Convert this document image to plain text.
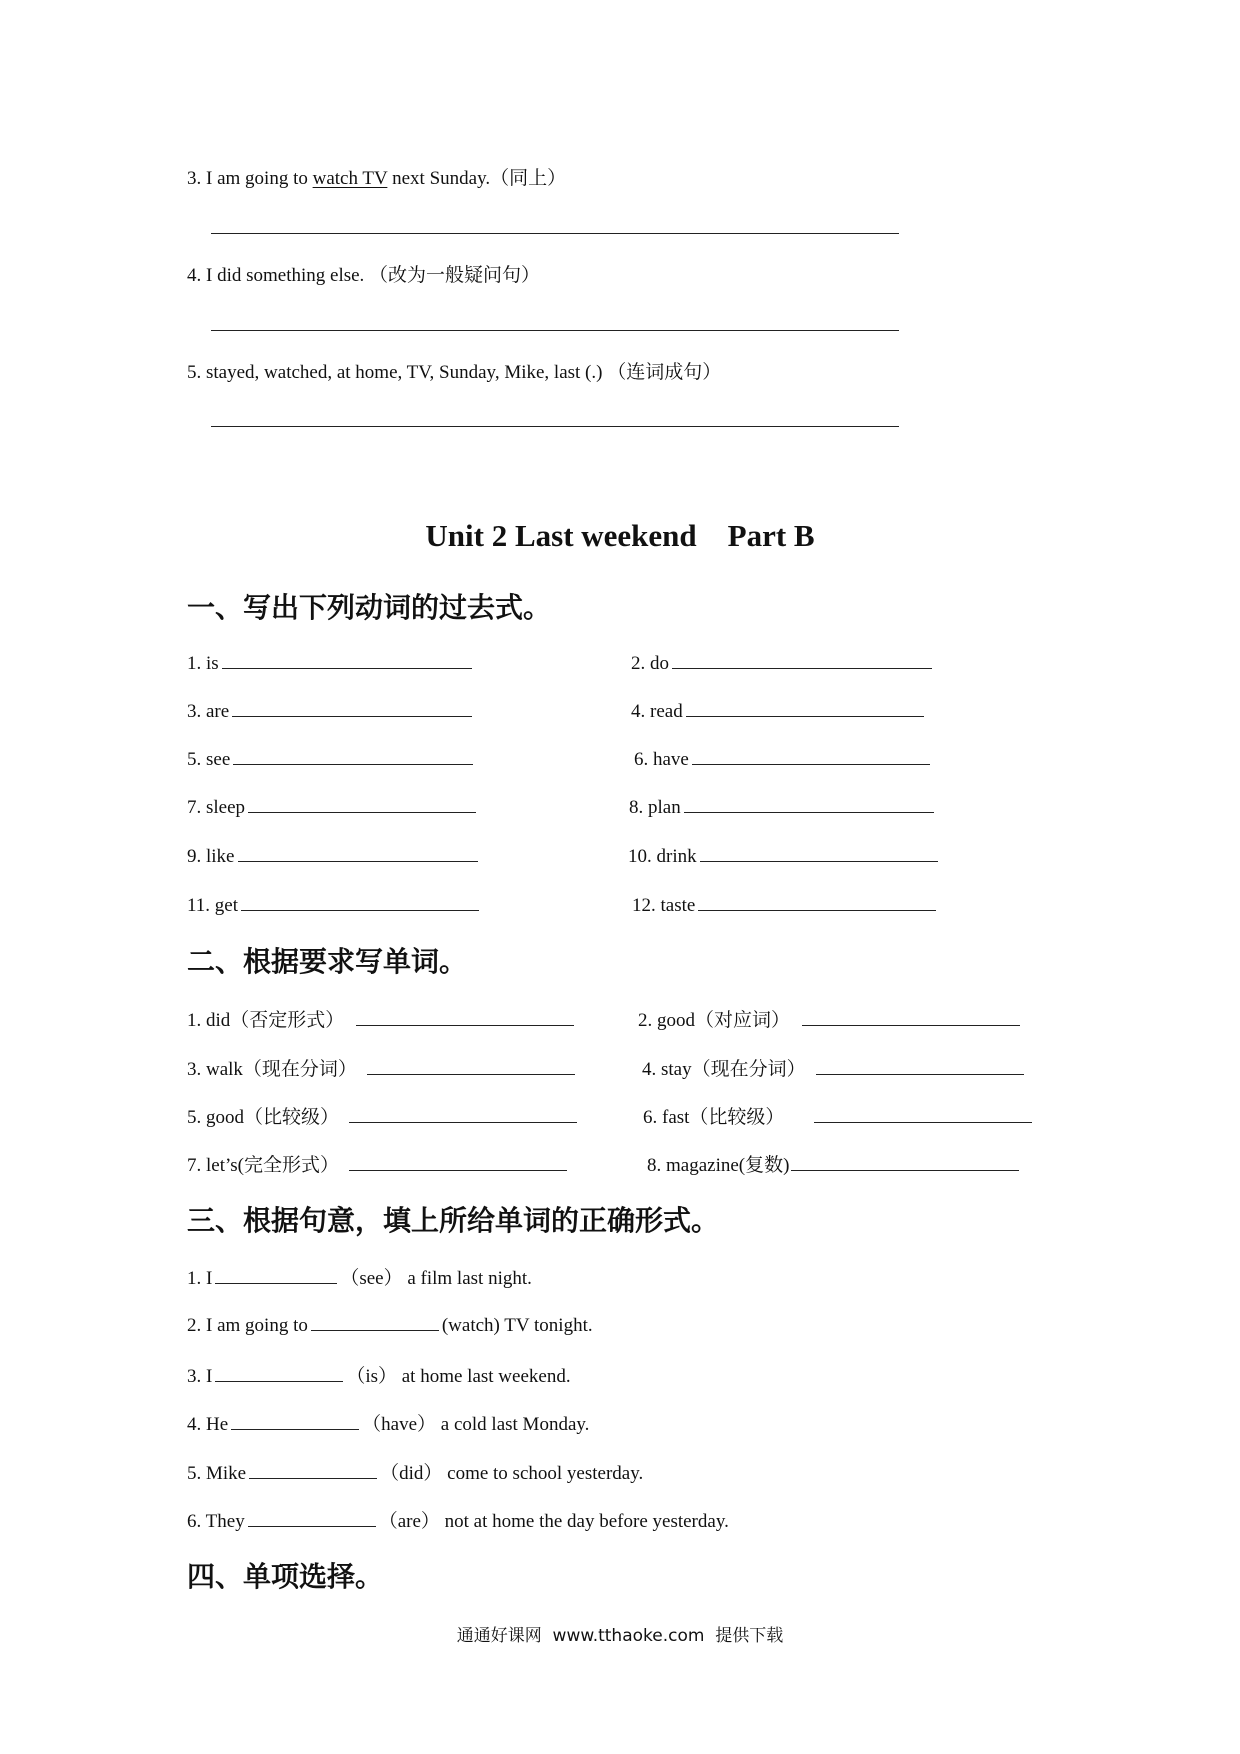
3. I am going to watch TV next Sunday.（同上）
4. I did something else. （改为一般疑问句）
5. stayed, watched, at home, TV, Sunday, Mike, last (.) （连词成句）
Unit 2 Last weekend    Part B
一、写出下列动词的过去式。
1. is	2. do
3. are	4. read
5. see	6. have
7. sleep	8. plan
9. like	10. drink
11. get	12. taste
二、根据要求写单词。
1. did（否定形式）	2. good（对应词）
3. walk（现在分词）	4. stay（现在分词）
5. good（比较级）	6. fast（比较级）
7. let’s(完全形式）	8. magazine(复数)
三、根据句意，填上所给单词的正确形式。
1. I	（see） a film last night.
2. I am going to	(watch) TV tonight.
3. I	（is） at home last weekend.
4. He	（have） a cold last Monday.
5. Mike	（did） come to school yesterday.
6. They	（are） not at home the day before yesterday.
四、单项选择。
通通好课网  www.tthaoke.com  提供下载
